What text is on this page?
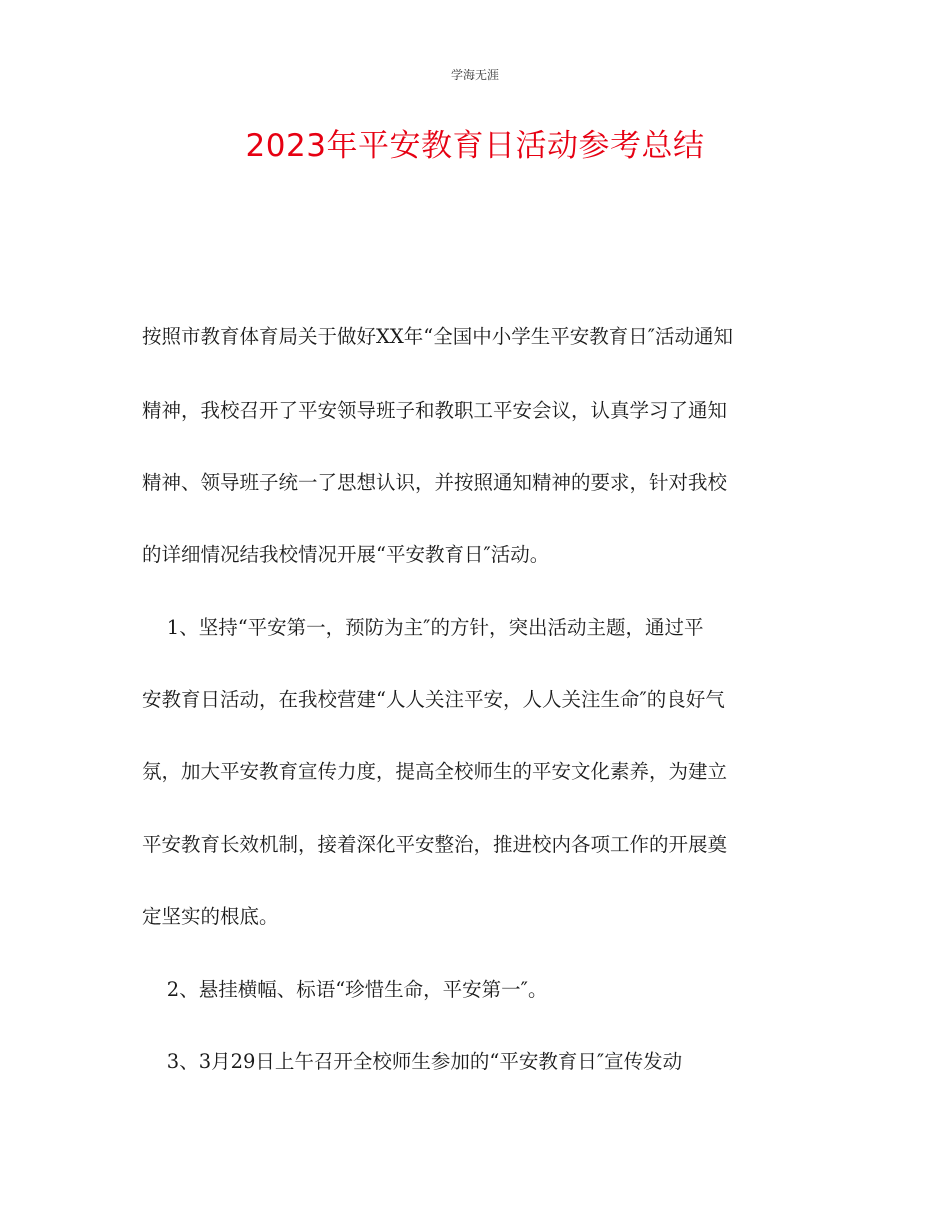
学海无涯
2023年平安教育日活动参考总结
按照市教育体育局关于做好XX年“全国中小学生平安教育日″活动通知
精神，我校召开了平安领导班子和教职工平安会议，认真学习了通知
精神、领导班子统一了思想认识，并按照通知精神的要求，针对我校
的详细情况结我校情况开展“平安教育日″活动。
1、坚持“平安第一，预防为主″的方针，突出活动主题，通过平
安教育日活动，在我校营建“人人关注平安，人人关注生命″的良好气
氛，加大平安教育宣传力度，提高全校师生的平安文化素养，为建立
平安教育长效机制，接着深化平安整治，推进校内各项工作的开展奠
定坚实的根底。
2、悬挂横幅、标语“珍惜生命，平安第一″。
3、3月29日上午召开全校师生参加的“平安教育日″宣传发动
